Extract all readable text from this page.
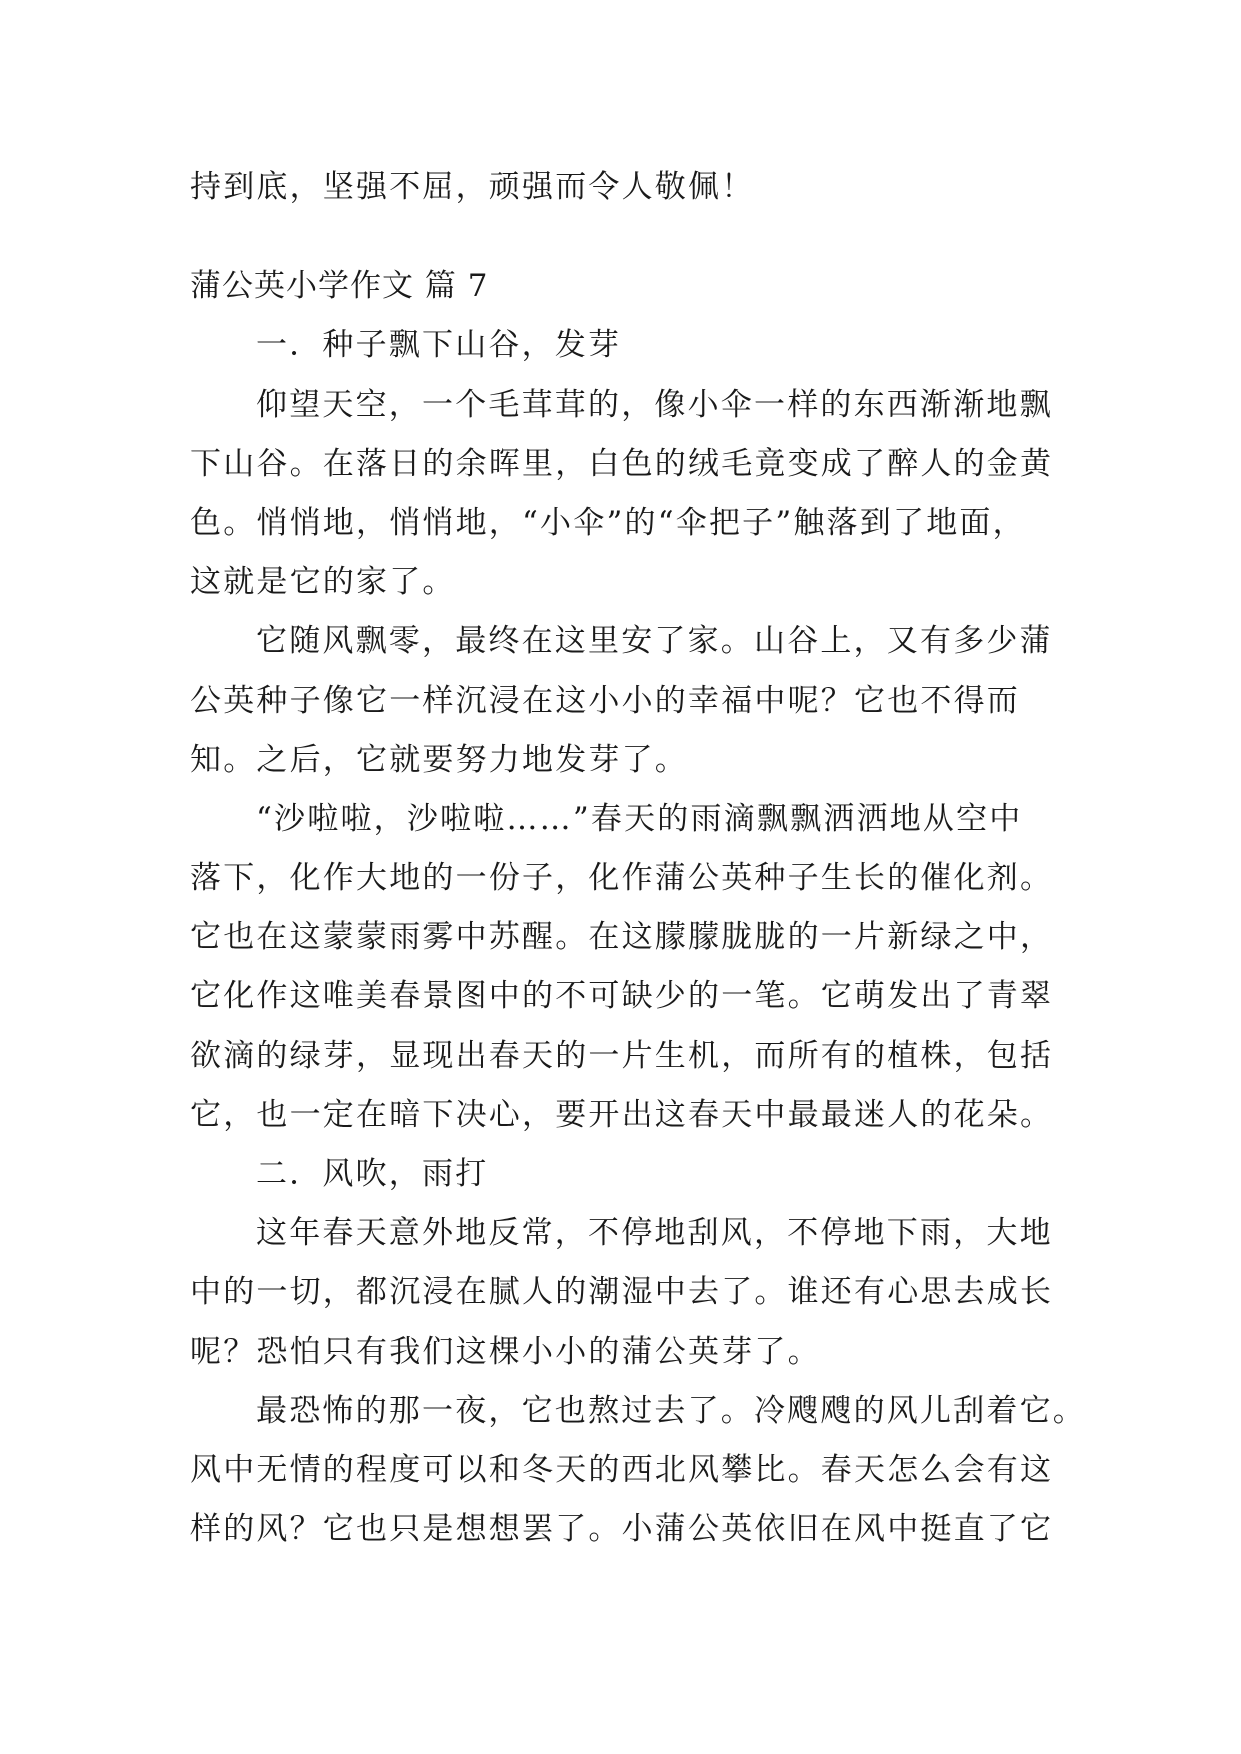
持到底，坚强不屈，顽强而令人敬佩！
蒲公英小学作文 篇 7
一．种子飘下山谷，发芽
仰望天空，一个毛茸茸的，像小伞一样的东西渐渐地飘
下山谷。在落日的余晖里，白色的绒毛竟变成了醉人的金黄
色。悄悄地，悄悄地，“小伞”的“伞把子”触落到了地面，
这就是它的家了。
它随风飘零，最终在这里安了家。山谷上，又有多少蒲
公英种子像它一样沉浸在这小小的幸福中呢？它也不得而
知。之后，它就要努力地发芽了。
“沙啦啦，沙啦啦……”春天的雨滴飘飘洒洒地从空中
落下，化作大地的一份子，化作蒲公英种子生长的催化剂。
它也在这蒙蒙雨雾中苏醒。在这朦朦胧胧的一片新绿之中，
它化作这唯美春景图中的不可缺少的一笔。它萌发出了青翠
欲滴的绿芽，显现出春天的一片生机，而所有的植株，包括
它，也一定在暗下决心，要开出这春天中最最迷人的花朵。
二．风吹，雨打
这年春天意外地反常，不停地刮风，不停地下雨，大地
中的一切，都沉浸在腻人的潮湿中去了。谁还有心思去成长
呢？恐怕只有我们这棵小小的蒲公英芽了。
最恐怖的那一夜，它也熬过去了。冷飕飕的风儿刮着它。
风中无情的程度可以和冬天的西北风攀比。春天怎么会有这
样的风？它也只是想想罢了。小蒲公英依旧在风中挺直了它
